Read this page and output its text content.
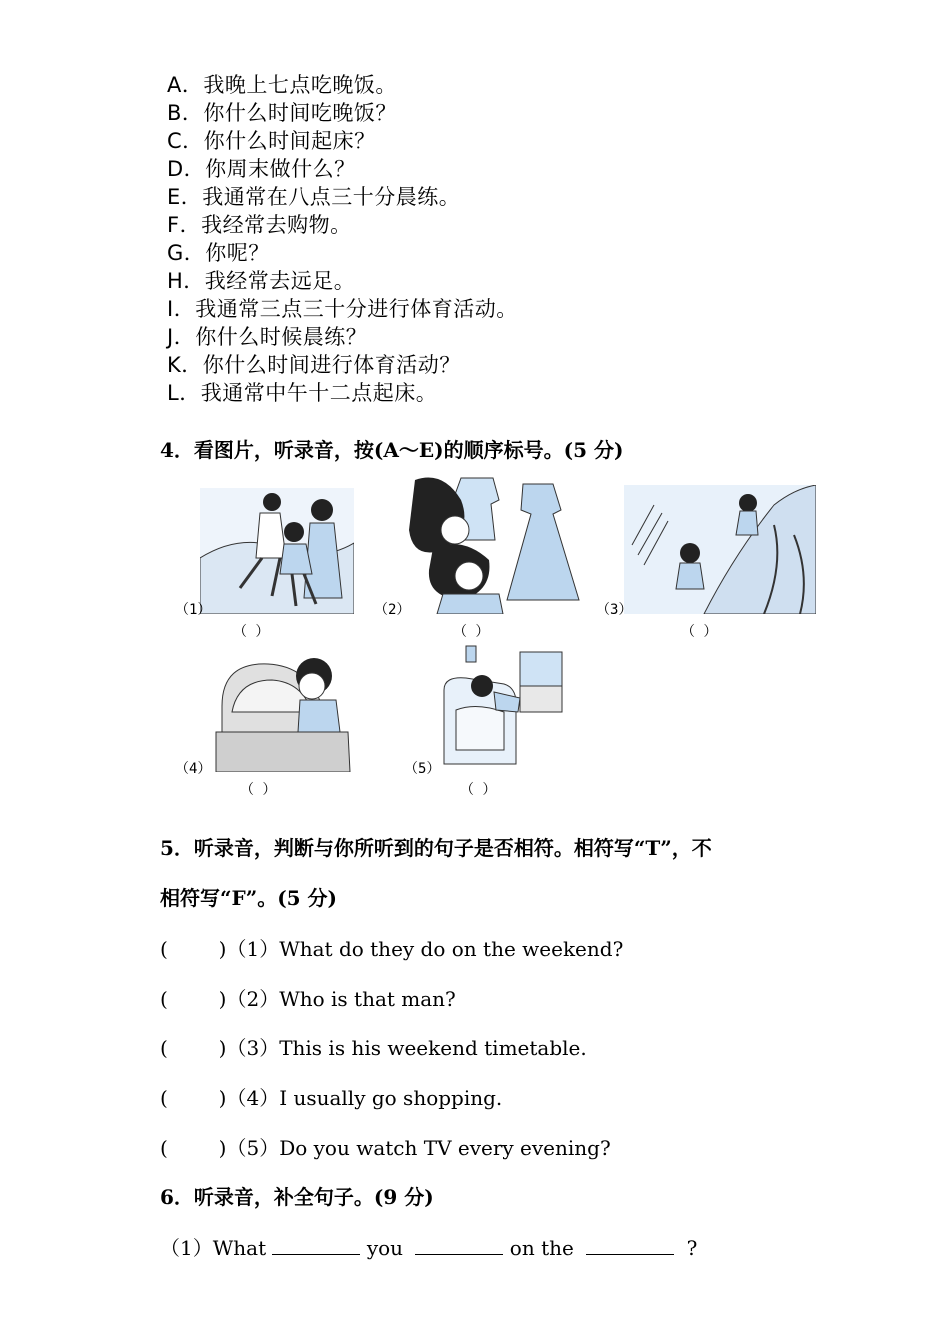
A．我晚上七点吃晚饭。
B．你什么时间吃晚饭？
C．你什么时间起床？
D．你周末做什么？
E．我通常在八点三十分晨练。
F．我经常去购物。
G．你呢？
H．我经常去远足。
I．我通常三点三十分进行体育活动。
J．你什么时候晨练？
K．你什么时间进行体育活动？
L．我通常中午十二点起床。
4．看图片，听录音，按(A～E)的顺序标号。(5 分)
（1）
（ ）
（2）
（ ）
（3）
（ ）
（4）
（ ）
（5）
（ ）
5．听录音，判断与你所听到的句子是否相符。相符写“T”，不
相符写“F”。(5 分)
(        )（1）What do they do on the weekend?
(        )（2）Who is that man?
(        )（3）This is his weekend timetable.
(        )（4）I usually go shopping.
(        )（5）Do you watch TV every evening?
6．听录音，补全句子。(9 分)
（1）What	you	on the	?
